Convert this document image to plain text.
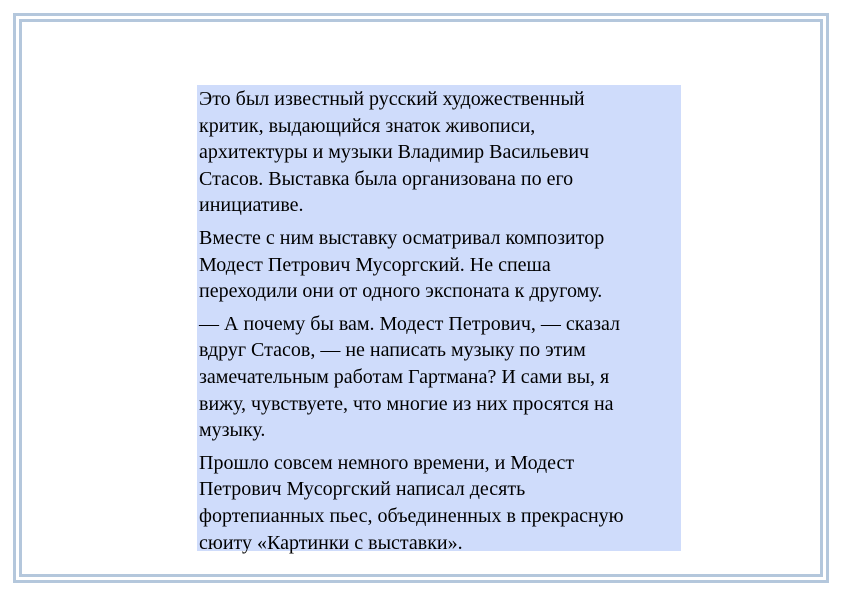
Это был известный русский художественный
критик, выдающийся знаток живописи,
архитектуры и музыки Владимир Васильевич
Стасов. Выставка была организована по его
инициативе.

Вместе с ним выставку осматривал композитор
Модест Петрович Мусоргский. Не спеша
переходили они от одного экспоната к другому.

— А почему бы вам. Модест Петрович, — сказал
вдруг Стасов, — не написать музыку по этим
замечательным работам Гартмана? И сами вы, я
вижу, чувствуете, что многие из них просятся на
музыку.

Прошло совсем немного времени, и Модест
Петрович Мусоргский написал десять
фортепианных пьес, объединенных в прекрасную
сюиту «Картинки с выставки».
